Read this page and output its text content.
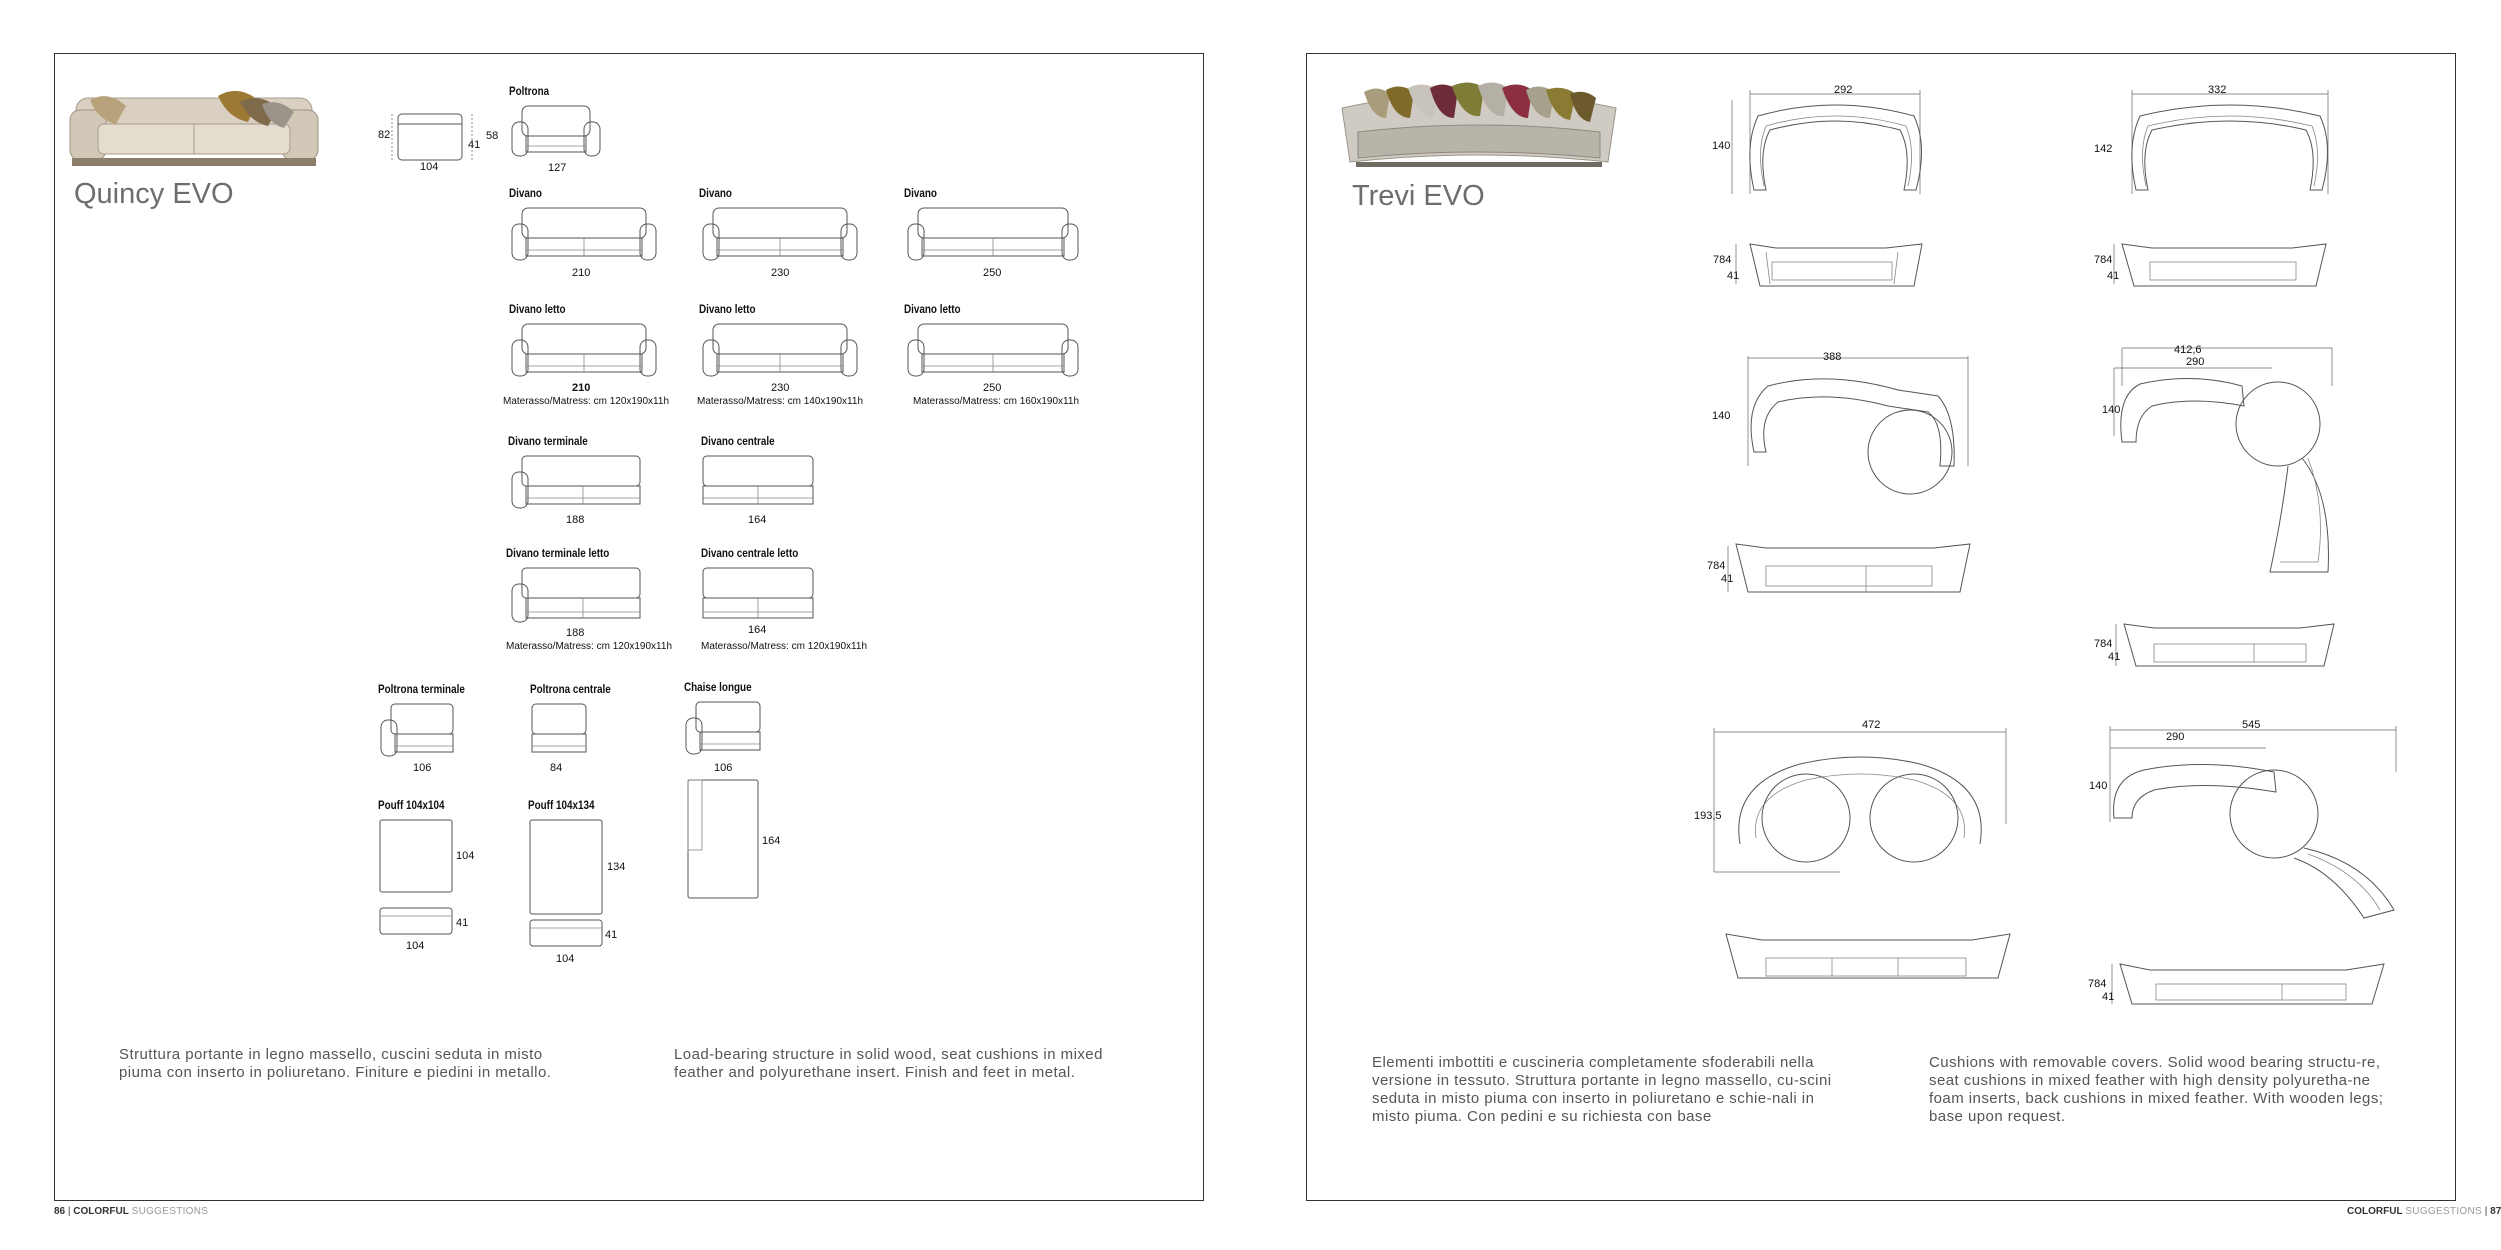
Quincy EVO
82	58
41
104
Poltrona
127
Divano	Divano	Divano
210	230	250
Divano letto	Divano letto	Divano letto
210	230	250
Materasso/Matress: cm 120x190x11h	Materasso/Matress: cm 140x190x11h	Materasso/Matress: cm 160x190x11h
Divano terminale	Divano centrale
188	164
Divano terminale letto	Divano centrale letto
188	164
Materasso/Matress: cm 120x190x11h	Materasso/Matress: cm 120x190x11h
Poltrona terminale	Poltrona centrale	Chaise longue
106	84	106
164
Pouff 104x104	Pouff 104x134
104
134
41
41
104
104
Struttura portante in legno massello, cuscini seduta in misto piuma con inserto in poliuretano. Finiture e piedini in metallo.
Load-bearing structure in solid wood, seat cushions in mixed feather and polyurethane insert. Finish and feet in metal.
86 | COLORFUL SUGGESTIONS
Trevi EVO
292
140
784
41
332
142
784
41
388
140
784
41
412,6
290
140
784
41
472
193,5
545
290
140
784
41
Elementi imbottiti e cuscineria completamente sfoderabili nella versione in tessuto. Struttura portante in legno massello, cu-scini seduta in misto piuma con inserto in poliuretano e schie-nali in misto piuma. Con pedini e su richiesta con base
Cushions with removable covers. Solid wood bearing structu-re, seat cushions in mixed feather with high density polyuretha-ne foam inserts, back cushions in mixed feather. With wooden legs; base upon request.
COLORFUL SUGGESTIONS | 87
